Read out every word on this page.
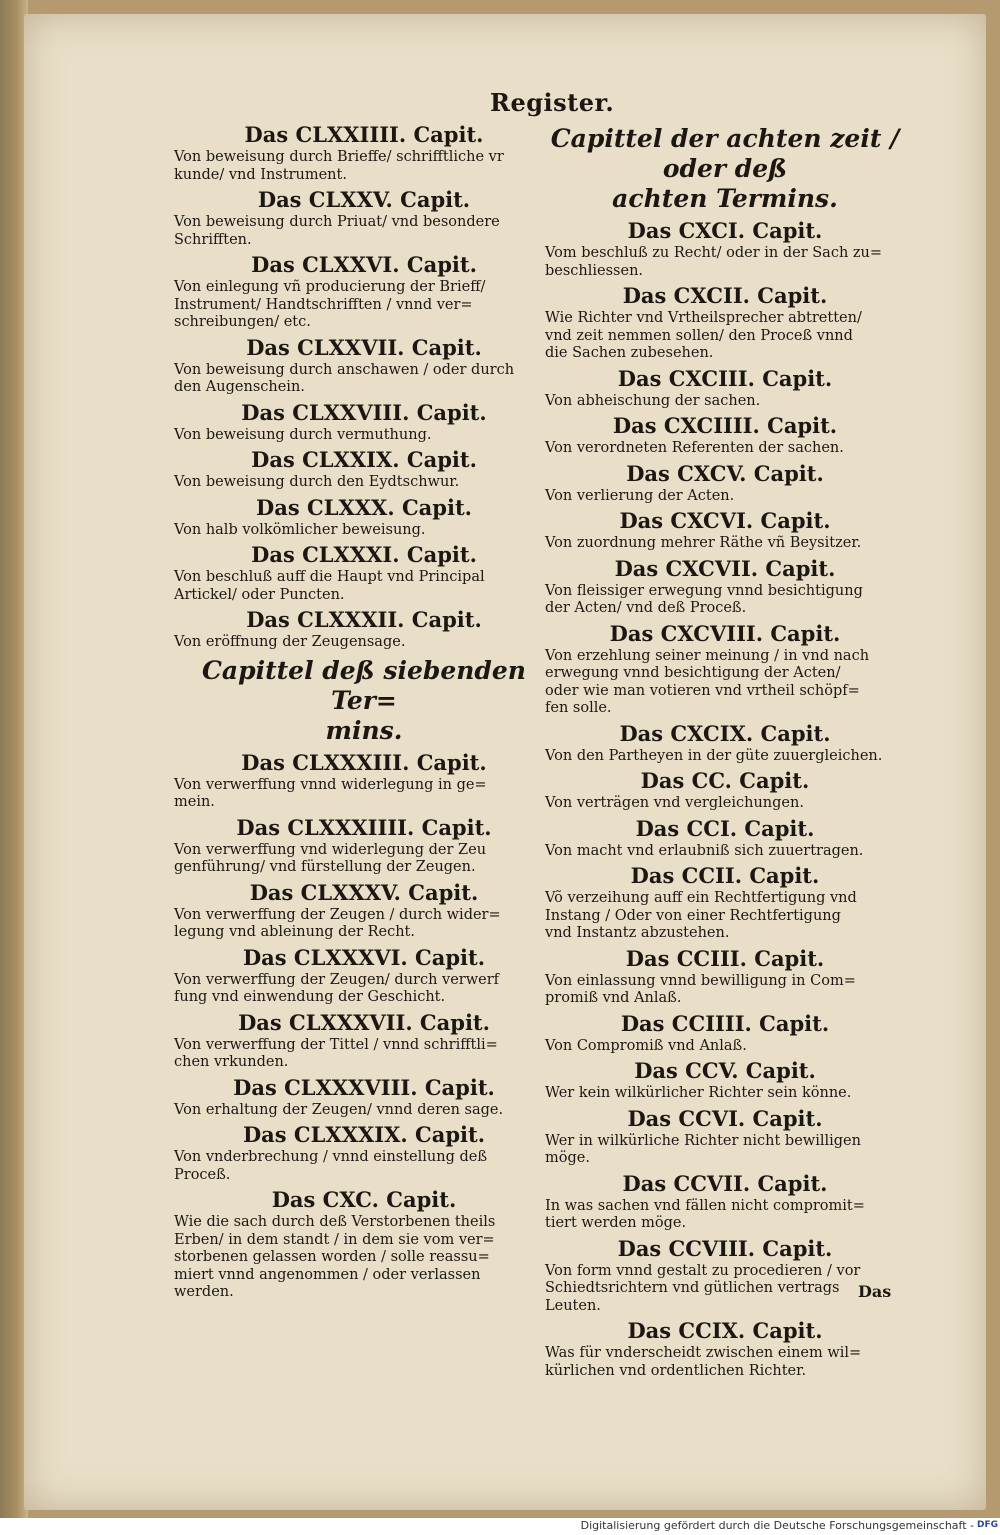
Register.
Das CLXXIIII. Capit.
Von beweisung durch Brieffe/ schrifftliche vr
kunde/ vnd Instrument.
Das CLXXV. Capit.
Von beweisung durch Priuat/ vnd besondere
Schrifften.
Das CLXXVI. Capit.
Von einlegung vñ producierung der Brieff/
Instrument/ Handtschrifften / vnnd ver=
schreibungen/ etc.
Das CLXXVII. Capit.
Von beweisung durch anschawen / oder durch
den Augenschein.
Das CLXXVIII. Capit.
Von beweisung durch vermuthung.
Das CLXXIX. Capit.
Von beweisung durch den Eydtschwur.
Das CLXXX. Capit.
Von halb volkömlicher beweisung.
Das CLXXXI. Capit.
Von beschluß auff die Haupt vnd Principal
Artickel/ oder Puncten.
Das CLXXXII. Capit.
Von eröffnung der Zeugensage.
Capittel deß siebenden Ter=
mins.
Das CLXXXIII. Capit.
Von verwerffung vnnd widerlegung in ge=
mein.
Das CLXXXIIII. Capit.
Von verwerffung vnd widerlegung der Zeu
genführung/ vnd fürstellung der Zeugen.
Das CLXXXV. Capit.
Von verwerffung der Zeugen / durch wider=
legung vnd ableinung der Recht.
Das CLXXXVI. Capit.
Von verwerffung der Zeugen/ durch verwerf
fung vnd einwendung der Geschicht.
Das CLXXXVII. Capit.
Von verwerffung der Tittel / vnnd schrifftli=
chen vrkunden.
Das CLXXXVIII. Capit.
Von erhaltung der Zeugen/ vnnd deren sage.
Das CLXXXIX. Capit.
Von vnderbrechung / vnnd einstellung deß
Proceß.
Das CXC. Capit.
Wie die sach durch deß Verstorbenen theils
Erben/ in dem standt / in dem sie vom ver=
storbenen gelassen worden / solle reassu=
miert vnnd angenommen / oder verlassen
werden.
Capittel der achten zeit / oder deß
achten Termins.
Das CXCI. Capit.
Vom beschluß zu Recht/ oder in der Sach zu=
beschliessen.
Das CXCII. Capit.
Wie Richter vnd Vrtheilsprecher abtretten/
vnd zeit nemmen sollen/ den Proceß vnnd
die Sachen zubesehen.
Das CXCIII. Capit.
Von abheischung der sachen.
Das CXCIIII. Capit.
Von verordneten Referenten der sachen.
Das CXCV. Capit.
Von verlierung der Acten.
Das CXCVI. Capit.
Von zuordnung mehrer Räthe vñ Beysitzer.
Das CXCVII. Capit.
Von fleissiger erwegung vnnd besichtigung
der Acten/ vnd deß Proceß.
Das CXCVIII. Capit.
Von erzehlung seiner meinung / in vnd nach
erwegung vnnd besichtigung der Acten/
oder wie man votieren vnd vrtheil schöpf=
fen solle.
Das CXCIX. Capit.
Von den Partheyen in der güte zuuergleichen.
Das CC. Capit.
Von verträgen vnd vergleichungen.
Das CCI. Capit.
Von macht vnd erlaubniß sich zuuertragen.
Das CCII. Capit.
Võ verzeihung auff ein Rechtfertigung vnd
Instang / Oder von einer Rechtfertigung
vnd Instantz abzustehen.
Das CCIII. Capit.
Von einlassung vnnd bewilligung in Com=
promiß vnd Anlaß.
Das CCIIII. Capit.
Von Compromiß vnd Anlaß.
Das CCV. Capit.
Wer kein wilkürlicher Richter sein könne.
Das CCVI. Capit.
Wer in wilkürliche Richter nicht bewilligen
möge.
Das CCVII. Capit.
In was sachen vnd fällen nicht compromit=
tiert werden möge.
Das CCVIII. Capit.
Von form vnnd gestalt zu procedieren / vor
Schiedtsrichtern vnd gütlichen vertrags
Leuten.
Das CCIX. Capit.
Was für vnderscheidt zwischen einem wil=
kürlichen vnd ordentlichen Richter.
Das
Digitalisierung gefördert durch die Deutsche Forschungsgemeinschaft - DFG
